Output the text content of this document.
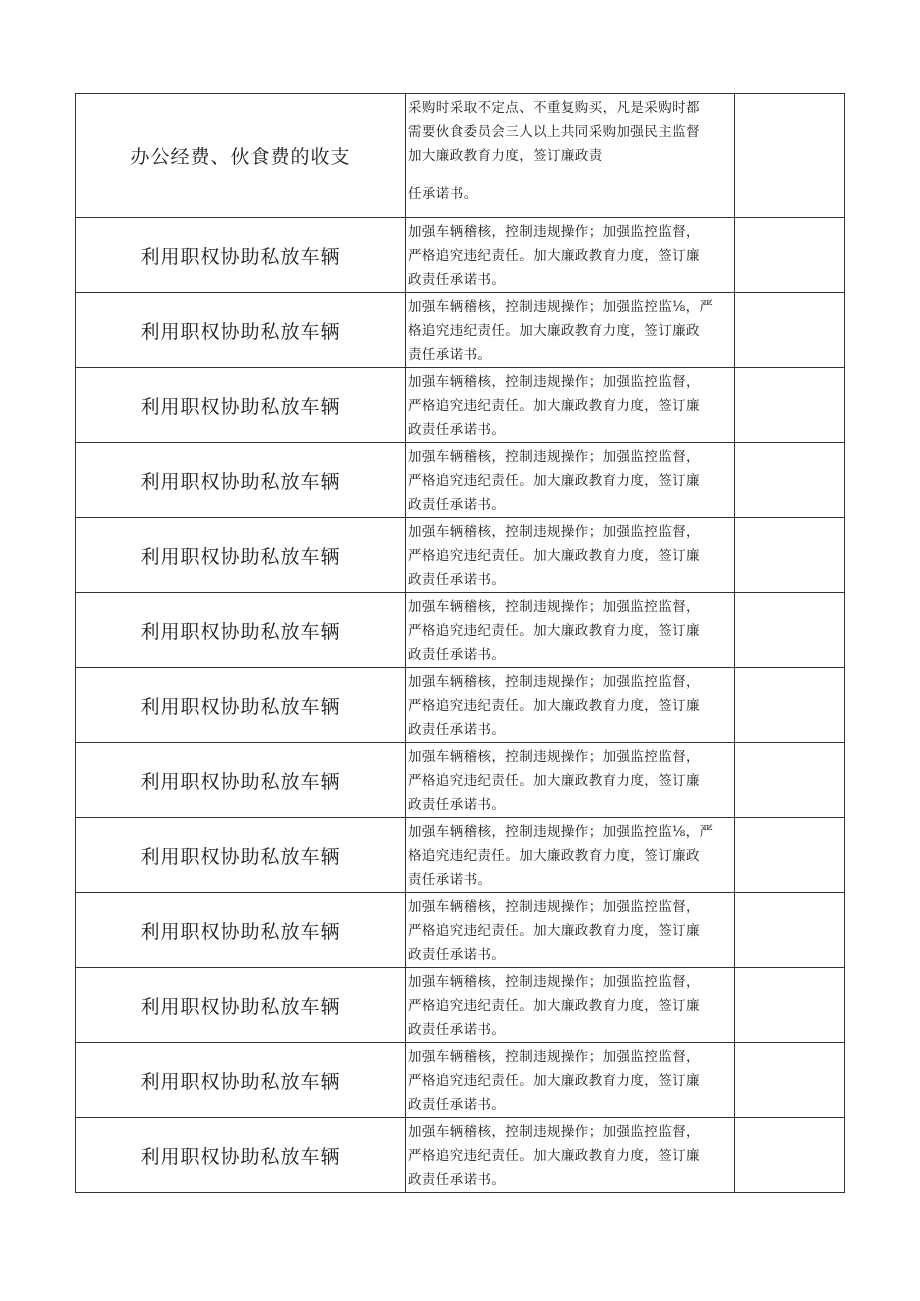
办公经费、伙食费的收支	采购时采取不定点、不重复购买，凡是采购时都
需要伙食委员会三人以上共同采购加强民主监督
加大廉政教育力度，签订廉政责
任承诺书。	

利用职权协助私放车辆	加强车辆稽核，控制违规操作；加强监控监督，
严格追究违纪责任。加大廉政教育力度，签订廉
政责任承诺书。	

利用职权协助私放车辆	加强车辆稽核，控制违规操作；加强监控监⅛，严
格追究违纪责任。加大廉政教育力度，签订廉政
责任承诺书。	

利用职权协助私放车辆	加强车辆稽核，控制违规操作；加强监控监督，
严格追究违纪责任。加大廉政教育力度，签订廉
政责任承诺书。	

利用职权协助私放车辆	加强车辆稽核，控制违规操作；加强监控监督，
严格追究违纪责任。加大廉政教育力度，签订廉
政责任承诺书。	

利用职权协助私放车辆	加强车辆稽核，控制违规操作；加强监控监督，
严格追究违纪责任。加大廉政教育力度，签订廉
政责任承诺书。	

利用职权协助私放车辆	加强车辆稽核，控制违规操作；加强监控监督，
严格追究违纪责任。加大廉政教育力度，签订廉
政责任承诺书。	

利用职权协助私放车辆	加强车辆稽核，控制违规操作；加强监控监督，
严格追究违纪责任。加大廉政教育力度，签订廉
政责任承诺书。	

利用职权协助私放车辆	加强车辆稽核，控制违规操作；加强监控监督，
严格追究违纪责任。加大廉政教育力度，签订廉
政责任承诺书。	

利用职权协助私放车辆	加强车辆稽核，控制违规操作；加强监控监⅛，严
格追究违纪责任。加大廉政教育力度，签订廉政
责任承诺书。	

利用职权协助私放车辆	加强车辆稽核，控制违规操作；加强监控监督，
严格追究违纪责任。加大廉政教育力度，签订廉
政责任承诺书。	

利用职权协助私放车辆	加强车辆稽核，控制违规操作；加强监控监督，
严格追究违纪责任。加大廉政教育力度，签订廉
政责任承诺书。	

利用职权协助私放车辆	加强车辆稽核，控制违规操作；加强监控监督，
严格追究违纪责任。加大廉政教育力度，签订廉
政责任承诺书。	

利用职权协助私放车辆	加强车辆稽核，控制违规操作；加强监控监督，
严格追究违纪责任。加大廉政教育力度，签订廉
政责任承诺书。	
